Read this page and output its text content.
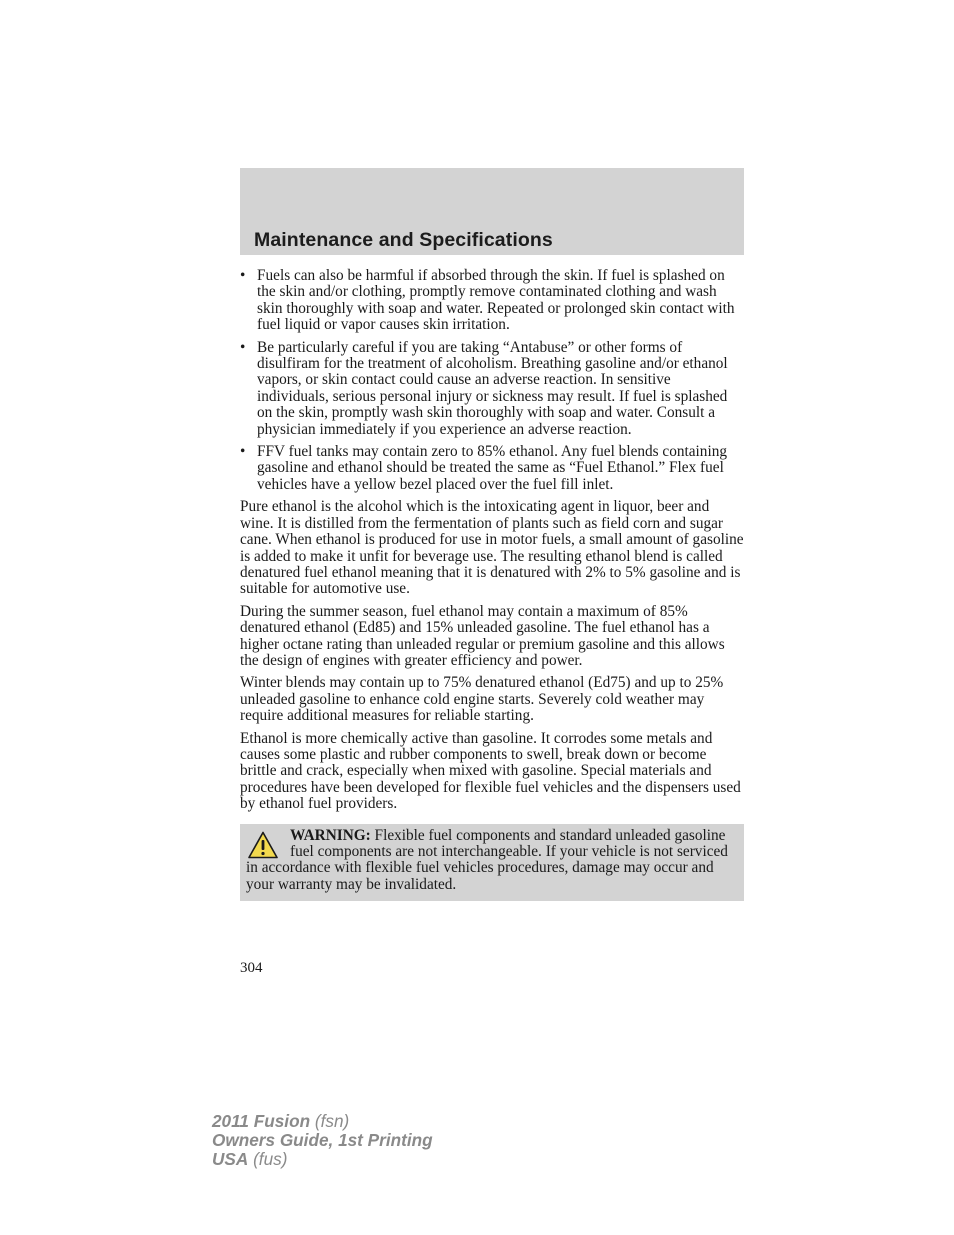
Maintenance and Specifications
• Fuels can also be harmful if absorbed through the skin. If fuel is splashed on the skin and/or clothing, promptly remove contaminated clothing and wash skin thoroughly with soap and water. Repeated or prolonged skin contact with fuel liquid or vapor causes skin irritation.
• Be particularly careful if you are taking “Antabuse” or other forms of disulfiram for the treatment of alcoholism. Breathing gasoline and/or ethanol vapors, or skin contact could cause an adverse reaction. In sensitive individuals, serious personal injury or sickness may result. If fuel is splashed on the skin, promptly wash skin thoroughly with soap and water. Consult a physician immediately if you experience an adverse reaction.
• FFV fuel tanks may contain zero to 85% ethanol. Any fuel blends containing gasoline and ethanol should be treated the same as “Fuel Ethanol.” Flex fuel vehicles have a yellow bezel placed over the fuel fill inlet.

Pure ethanol is the alcohol which is the intoxicating agent in liquor, beer and wine. It is distilled from the fermentation of plants such as field corn and sugar cane. When ethanol is produced for use in motor fuels, a small amount of gasoline is added to make it unfit for beverage use. The resulting ethanol blend is called denatured fuel ethanol meaning that it is denatured with 2% to 5% gasoline and is suitable for automotive use.

During the summer season, fuel ethanol may contain a maximum of 85% denatured ethanol (Ed85) and 15% unleaded gasoline. The fuel ethanol has a higher octane rating than unleaded regular or premium gasoline and this allows the design of engines with greater efficiency and power.

Winter blends may contain up to 75% denatured ethanol (Ed75) and up to 25% unleaded gasoline to enhance cold engine starts. Severely cold weather may require additional measures for reliable starting.

Ethanol is more chemically active than gasoline. It corrodes some metals and causes some plastic and rubber components to swell, break down or become brittle and crack, especially when mixed with gasoline. Special materials and procedures have been developed for flexible fuel vehicles and the dispensers used by ethanol fuel providers.

WARNING: Flexible fuel components and standard unleaded gasoline fuel components are not interchangeable. If your vehicle is not serviced in accordance with flexible fuel vehicles procedures, damage may occur and your warranty may be invalidated.
304
2011 Fusion (fsn)
Owners Guide, 1st Printing
USA (fus)
